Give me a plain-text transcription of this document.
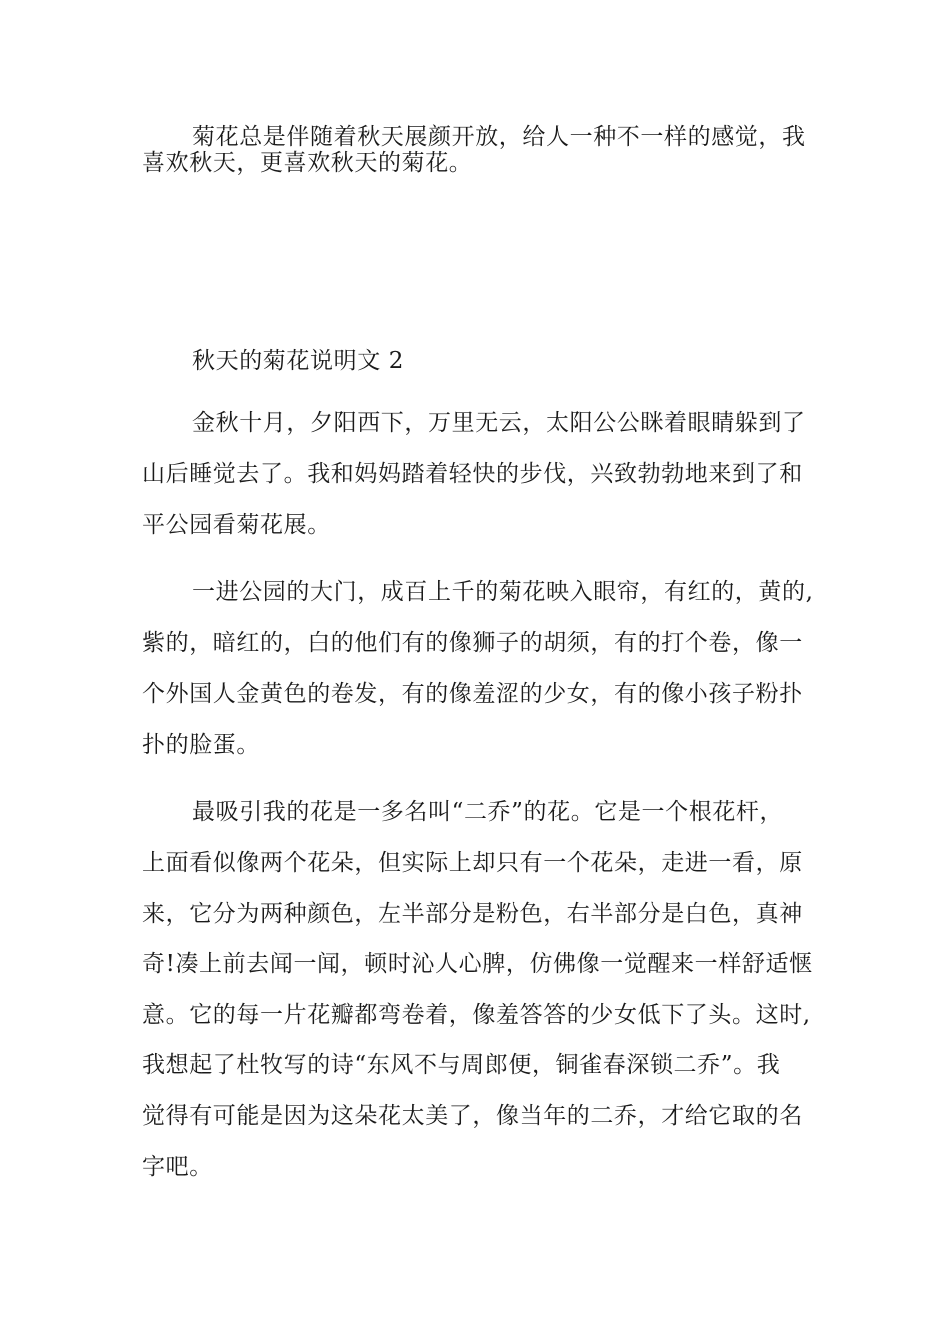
菊花总是伴随着秋天展颜开放，给人一种不一样的感觉，我
喜欢秋天，更喜欢秋天的菊花。
秋天的菊花说明文 2
金秋十月，夕阳西下，万里无云，太阳公公眯着眼睛躲到了
山后睡觉去了。我和妈妈踏着轻快的步伐，兴致勃勃地来到了和
平公园看菊花展。
一进公园的大门，成百上千的菊花映入眼帘，有红的，黄的,
紫的，暗红的，白的他们有的像狮子的胡须，有的打个卷，像一
个外国人金黄色的卷发，有的像羞涩的少女，有的像小孩子粉扑
扑的脸蛋。
最吸引我的花是一多名叫“二乔”的花。它是一个根花杆，
上面看似像两个花朵，但实际上却只有一个花朵，走进一看，原
来，它分为两种颜色，左半部分是粉色，右半部分是白色，真神
奇!凑上前去闻一闻，顿时沁人心脾，仿佛像一觉醒来一样舒适惬
意。它的每一片花瓣都弯卷着，像羞答答的少女低下了头。这时,
我想起了杜牧写的诗“东风不与周郎便，铜雀春深锁二乔”。我
觉得有可能是因为这朵花太美了，像当年的二乔，才给它取的名
字吧。
